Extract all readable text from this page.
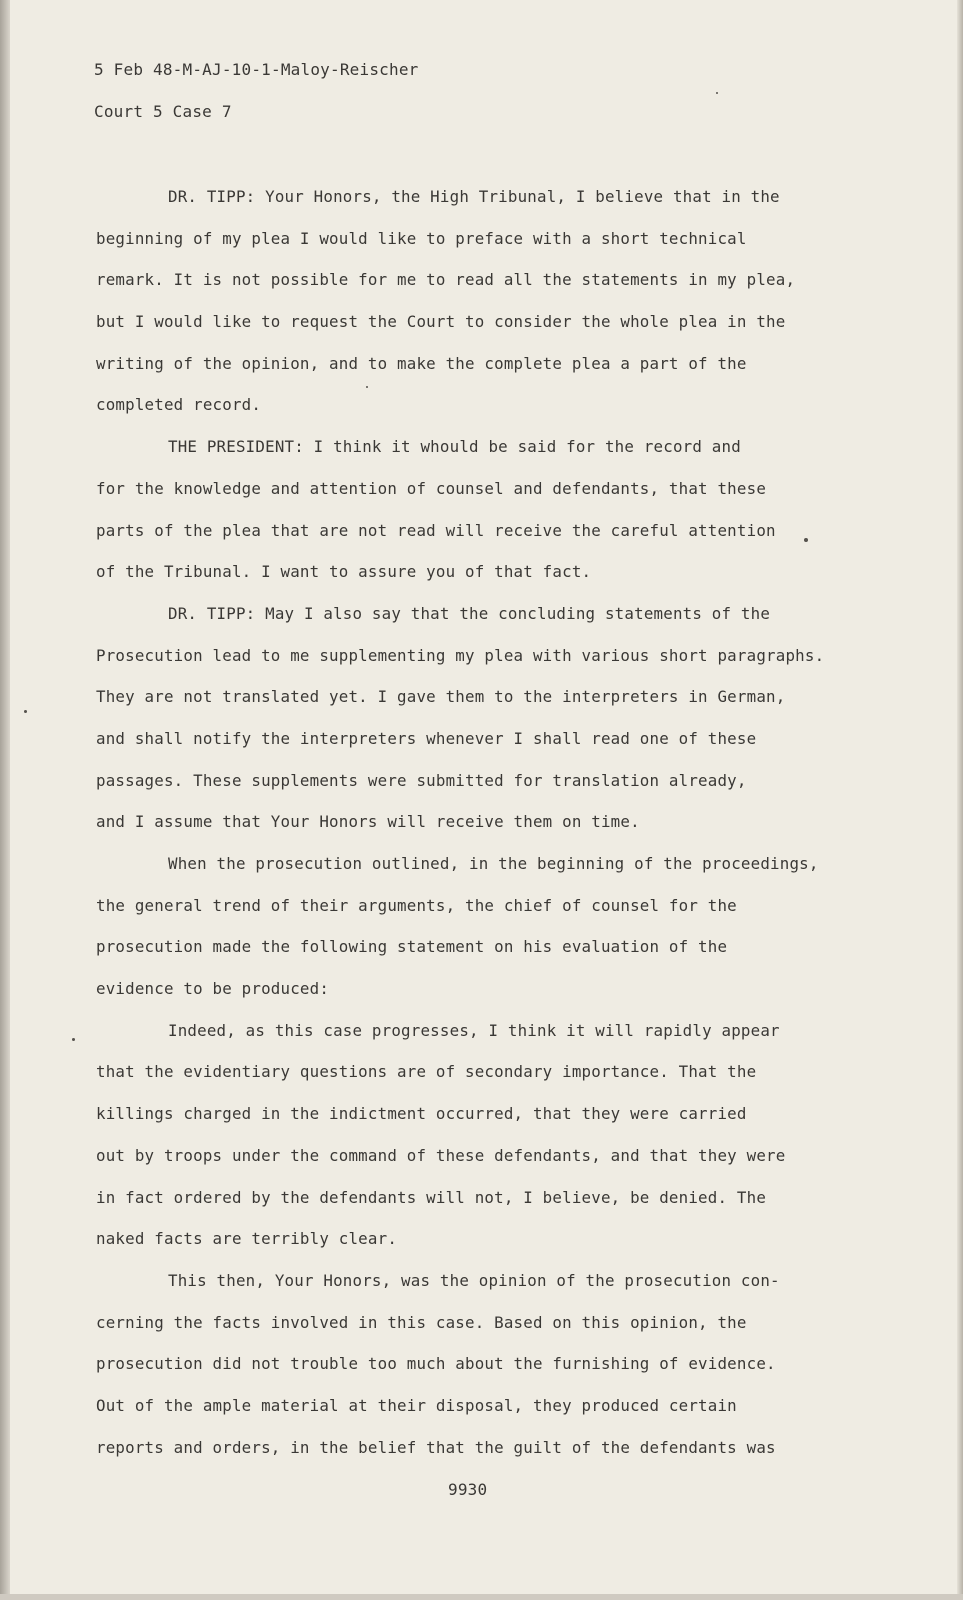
5 Feb 48-M-AJ-10-1-Maloy-Reischer
Court 5 Case 7
DR. TIPP: Your Honors, the High Tribunal, I believe that in the
beginning of my plea I would like to preface with a short technical
remark. It is not possible for me to read all the statements in my plea,
but I would like to request the Court to consider the whole plea in the
writing of the opinion, and to make the complete plea a part of the
completed record.
THE PRESIDENT: I think it whould be said for the record and
for the knowledge and attention of counsel and defendants, that these
parts of the plea that are not read will receive the careful attention
of the Tribunal. I want to assure you of that fact.
DR. TIPP: May I also say that the concluding statements of the
Prosecution lead to me supplementing my plea with various short paragraphs.
They are not translated yet. I gave them to the interpreters in German,
and shall notify the interpreters whenever I shall read one of these
passages. These supplements were submitted for translation already,
and I assume that Your Honors will receive them on time.
When the prosecution outlined, in the beginning of the proceedings,
the general trend of their arguments, the chief of counsel for the
prosecution made the following statement on his evaluation of the
evidence to be produced:
Indeed, as this case progresses, I think it will rapidly appear
that the evidentiary questions are of secondary importance. That the
killings charged in the indictment occurred, that they were carried
out by troops under the command of these defendants, and that they were
in fact ordered by the defendants will not, I believe, be denied. The
naked facts are terribly clear.
This then, Your Honors, was the opinion of the prosecution con-
cerning the facts involved in this case. Based on this opinion, the
prosecution did not trouble too much about the furnishing of evidence.
Out of the ample material at their disposal, they produced certain
reports and orders, in the belief that the guilt of the defendants was
9930
